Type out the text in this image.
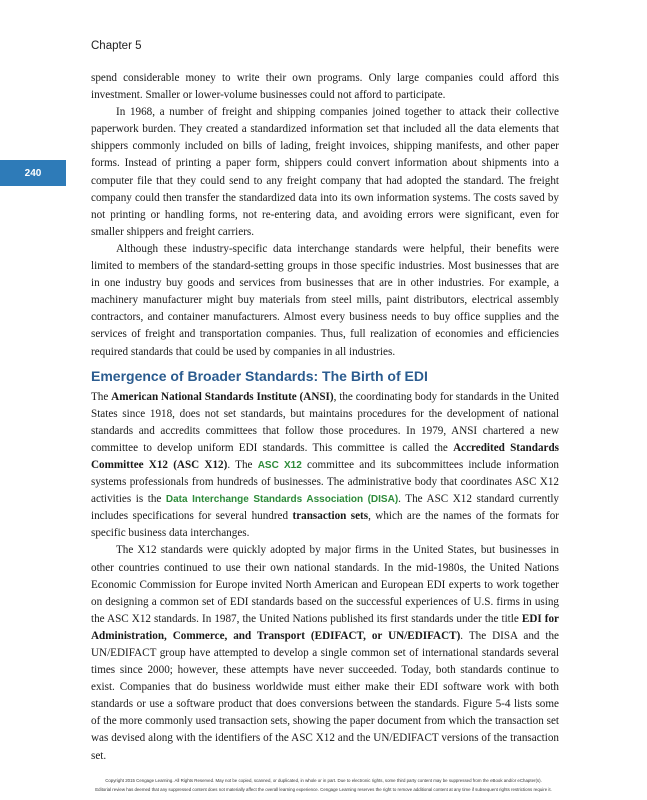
Chapter 5
240

spend considerable money to write their own programs. Only large companies could afford this investment. Smaller or lower-volume businesses could not afford to participate.

In 1968, a number of freight and shipping companies joined together to attack their collective paperwork burden. They created a standardized information set that included all the data elements that shippers commonly included on bills of lading, freight invoices, shipping manifests, and other paper forms. Instead of printing a paper form, shippers could convert information about shipments into a computer file that they could send to any freight company that had adopted the standard. The freight company could then transfer the standardized data into its own information systems. The costs saved by not printing or handling forms, not re-entering data, and avoiding errors were significant, even for smaller shippers and freight carriers.

Although these industry-specific data interchange standards were helpful, their benefits were limited to members of the standard-setting groups in those specific industries. Most businesses that are in one industry buy goods and services from businesses that are in other industries. For example, a machinery manufacturer might buy materials from steel mills, paint distributors, electrical assembly contractors, and container manufacturers. Almost every business needs to buy office supplies and the services of freight and transportation companies. Thus, full realization of economies and efficiencies required standards that could be used by companies in all industries.

Emergence of Broader Standards: The Birth of EDI

The American National Standards Institute (ANSI), the coordinating body for standards in the United States since 1918, does not set standards, but maintains procedures for the development of national standards and accredits committees that follow those procedures. In 1979, ANSI chartered a new committee to develop uniform EDI standards. This committee is called the Accredited Standards Committee X12 (ASC X12). The ASC X12 committee and its subcommittees include information systems professionals from hundreds of businesses. The administrative body that coordinates ASC X12 activities is the Data Interchange Standards Association (DISA). The ASC X12 standard currently includes specifications for several hundred transaction sets, which are the names of the formats for specific business data interchanges.

The X12 standards were quickly adopted by major firms in the United States, but businesses in other countries continued to use their own national standards. In the mid-1980s, the United Nations Economic Commission for Europe invited North American and European EDI experts to work together on designing a common set of EDI standards based on the successful experiences of U.S. firms in using the ASC X12 standards. In 1987, the United Nations published its first standards under the title EDI for Administration, Commerce, and Transport (EDIFACT, or UN/EDIFACT). The DISA and the UN/EDIFACT group have attempted to develop a single common set of international standards several times since 2000; however, these attempts have never succeeded. Today, both standards continue to exist. Companies that do business worldwide must either make their EDI software work with both standards or use a software product that does conversions between the standards. Figure 5-4 lists some of the more commonly used transaction sets, showing the paper document from which the transaction set was devised along with the identifiers of the ASC X12 and the UN/EDIFACT versions of the transaction set.

Copyright 2015 Cengage Learning. All Rights Reserved. May not be copied, scanned, or duplicated, in whole or in part. Due to electronic rights, some third party content may be suppressed from the eBook and/or eChapter(s).
Editorial review has deemed that any suppressed content does not materially affect the overall learning experience. Cengage Learning reserves the right to remove additional content at any time if subsequent rights restrictions require it.
